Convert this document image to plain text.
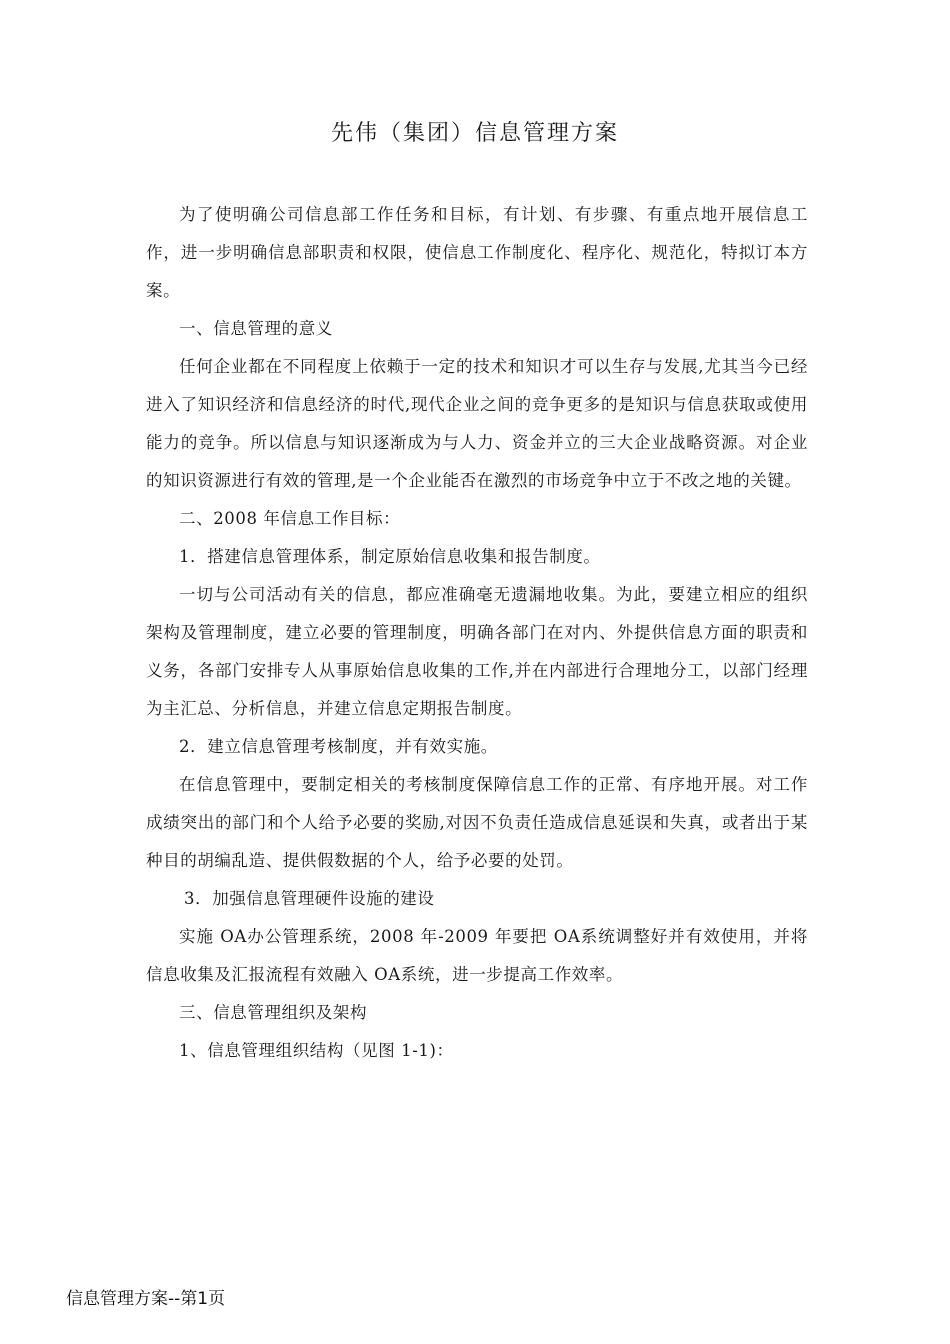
先伟（集团）信息管理方案

为了使明确公司信息部工作任务和目标，有计划、有步骤、有重点地开展信息工作，进一步明确信息部职责和权限，使信息工作制度化、程序化、规范化，特拟订本方案。

一、信息管理的意义

任何企业都在不同程度上依赖于一定的技术和知识才可以生存与发展,尤其当今已经进入了知识经济和信息经济的时代,现代企业之间的竞争更多的是知识与信息获取或使用能力的竞争。所以信息与知识逐渐成为与人力、资金并立的三大企业战略资源。对企业的知识资源进行有效的管理,是一个企业能否在激烈的市场竞争中立于不改之地的关键。

二、2008 年信息工作目标：

1．搭建信息管理体系，制定原始信息收集和报告制度。

一切与公司活动有关的信息，都应准确毫无遗漏地收集。为此，要建立相应的组织架构及管理制度，建立必要的管理制度，明确各部门在对内、外提供信息方面的职责和义务，各部门安排专人从事原始信息收集的工作,并在内部进行合理地分工，以部门经理为主汇总、分析信息，并建立信息定期报告制度。

2．建立信息管理考核制度，并有效实施。

在信息管理中，要制定相关的考核制度保障信息工作的正常、有序地开展。对工作成绩突出的部门和个人给予必要的奖励,对因不负责任造成信息延误和失真，或者出于某种目的胡编乱造、提供假数据的个人，给予必要的处罚。

3．加强信息管理硬件设施的建设

实施 OA办公管理系统，2008 年-2009 年要把 OA系统调整好并有效使用，并将信息收集及汇报流程有效融入 OA系统，进一步提高工作效率。

三、信息管理组织及架构

1、信息管理组织结构（见图 1-1)：

信息管理方案--第1页
